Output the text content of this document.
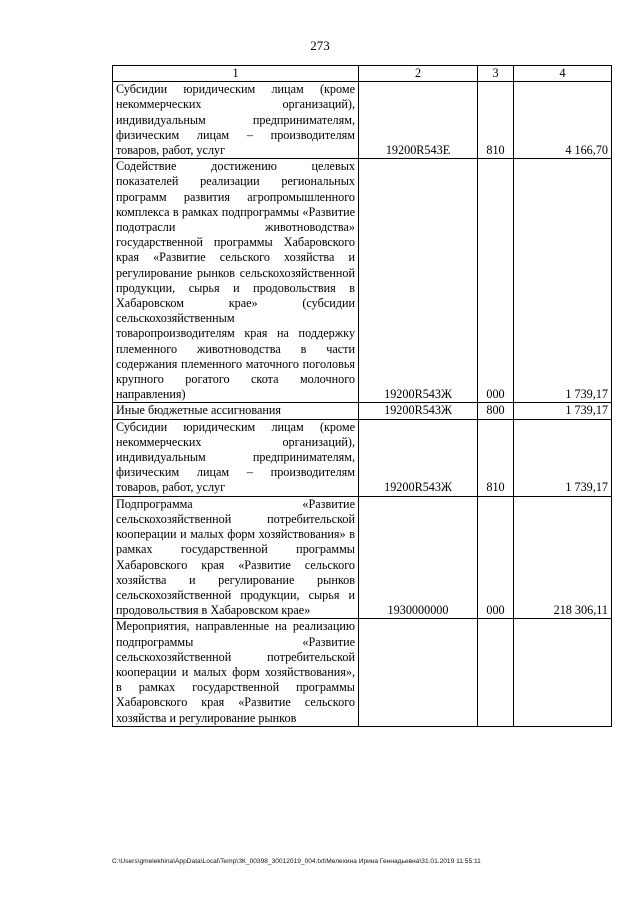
273
1	2	3	4
Субсидии юридическим лицам (кроме некоммерческих организаций), индивидуальным предпринимателям, физическим лицам – производителям товаров, работ, услуг	19200R543Е	810	4 166,70
Содействие достижению целевых показателей реализации региональных программ развития агропромышленного комплекса в рамках подпрограммы «Развитие подотрасли животноводства» государственной программы Хабаровского края «Развитие сельского хозяйства и регулирование рынков сельскохозяйственной продукции, сырья и продовольствия в Хабаровском крае» (субсидии сельскохозяйственным товаропроизводителям края на поддержку племенного животноводства в части содержания племенного маточного поголовья крупного рогатого скота молочного направления)	19200R543Ж	000	1 739,17
Иные бюджетные ассигнования	19200R543Ж	800	1 739,17
Субсидии юридическим лицам (кроме некоммерческих организаций), индивидуальным предпринимателям, физическим лицам – производителям товаров, работ, услуг	19200R543Ж	810	1 739,17
Подпрограмма «Развитие сельскохозяйственной потребительской кооперации и малых форм хозяйствования» в рамках государственной программы Хабаровского края «Развитие сельского хозяйства и регулирование рынков сельскохозяйственной продукции, сырья и продовольствия в Хабаровском крае»	1930000000	000	218 306,11
Мероприятия, направленные на реализацию подпрограммы «Развитие сельскохозяйственной потребительской кооперации и малых форм хозяйствования», в рамках государственной программы Хабаровского края «Развитие сельского хозяйства и регулирование рынков			
C:\Users\gmelekhina\AppData\Local\Temp\ЗК_00398_30012019_004.txt\Мелехина Ирина Геннадьевна\31.01.2019 11:55:11
